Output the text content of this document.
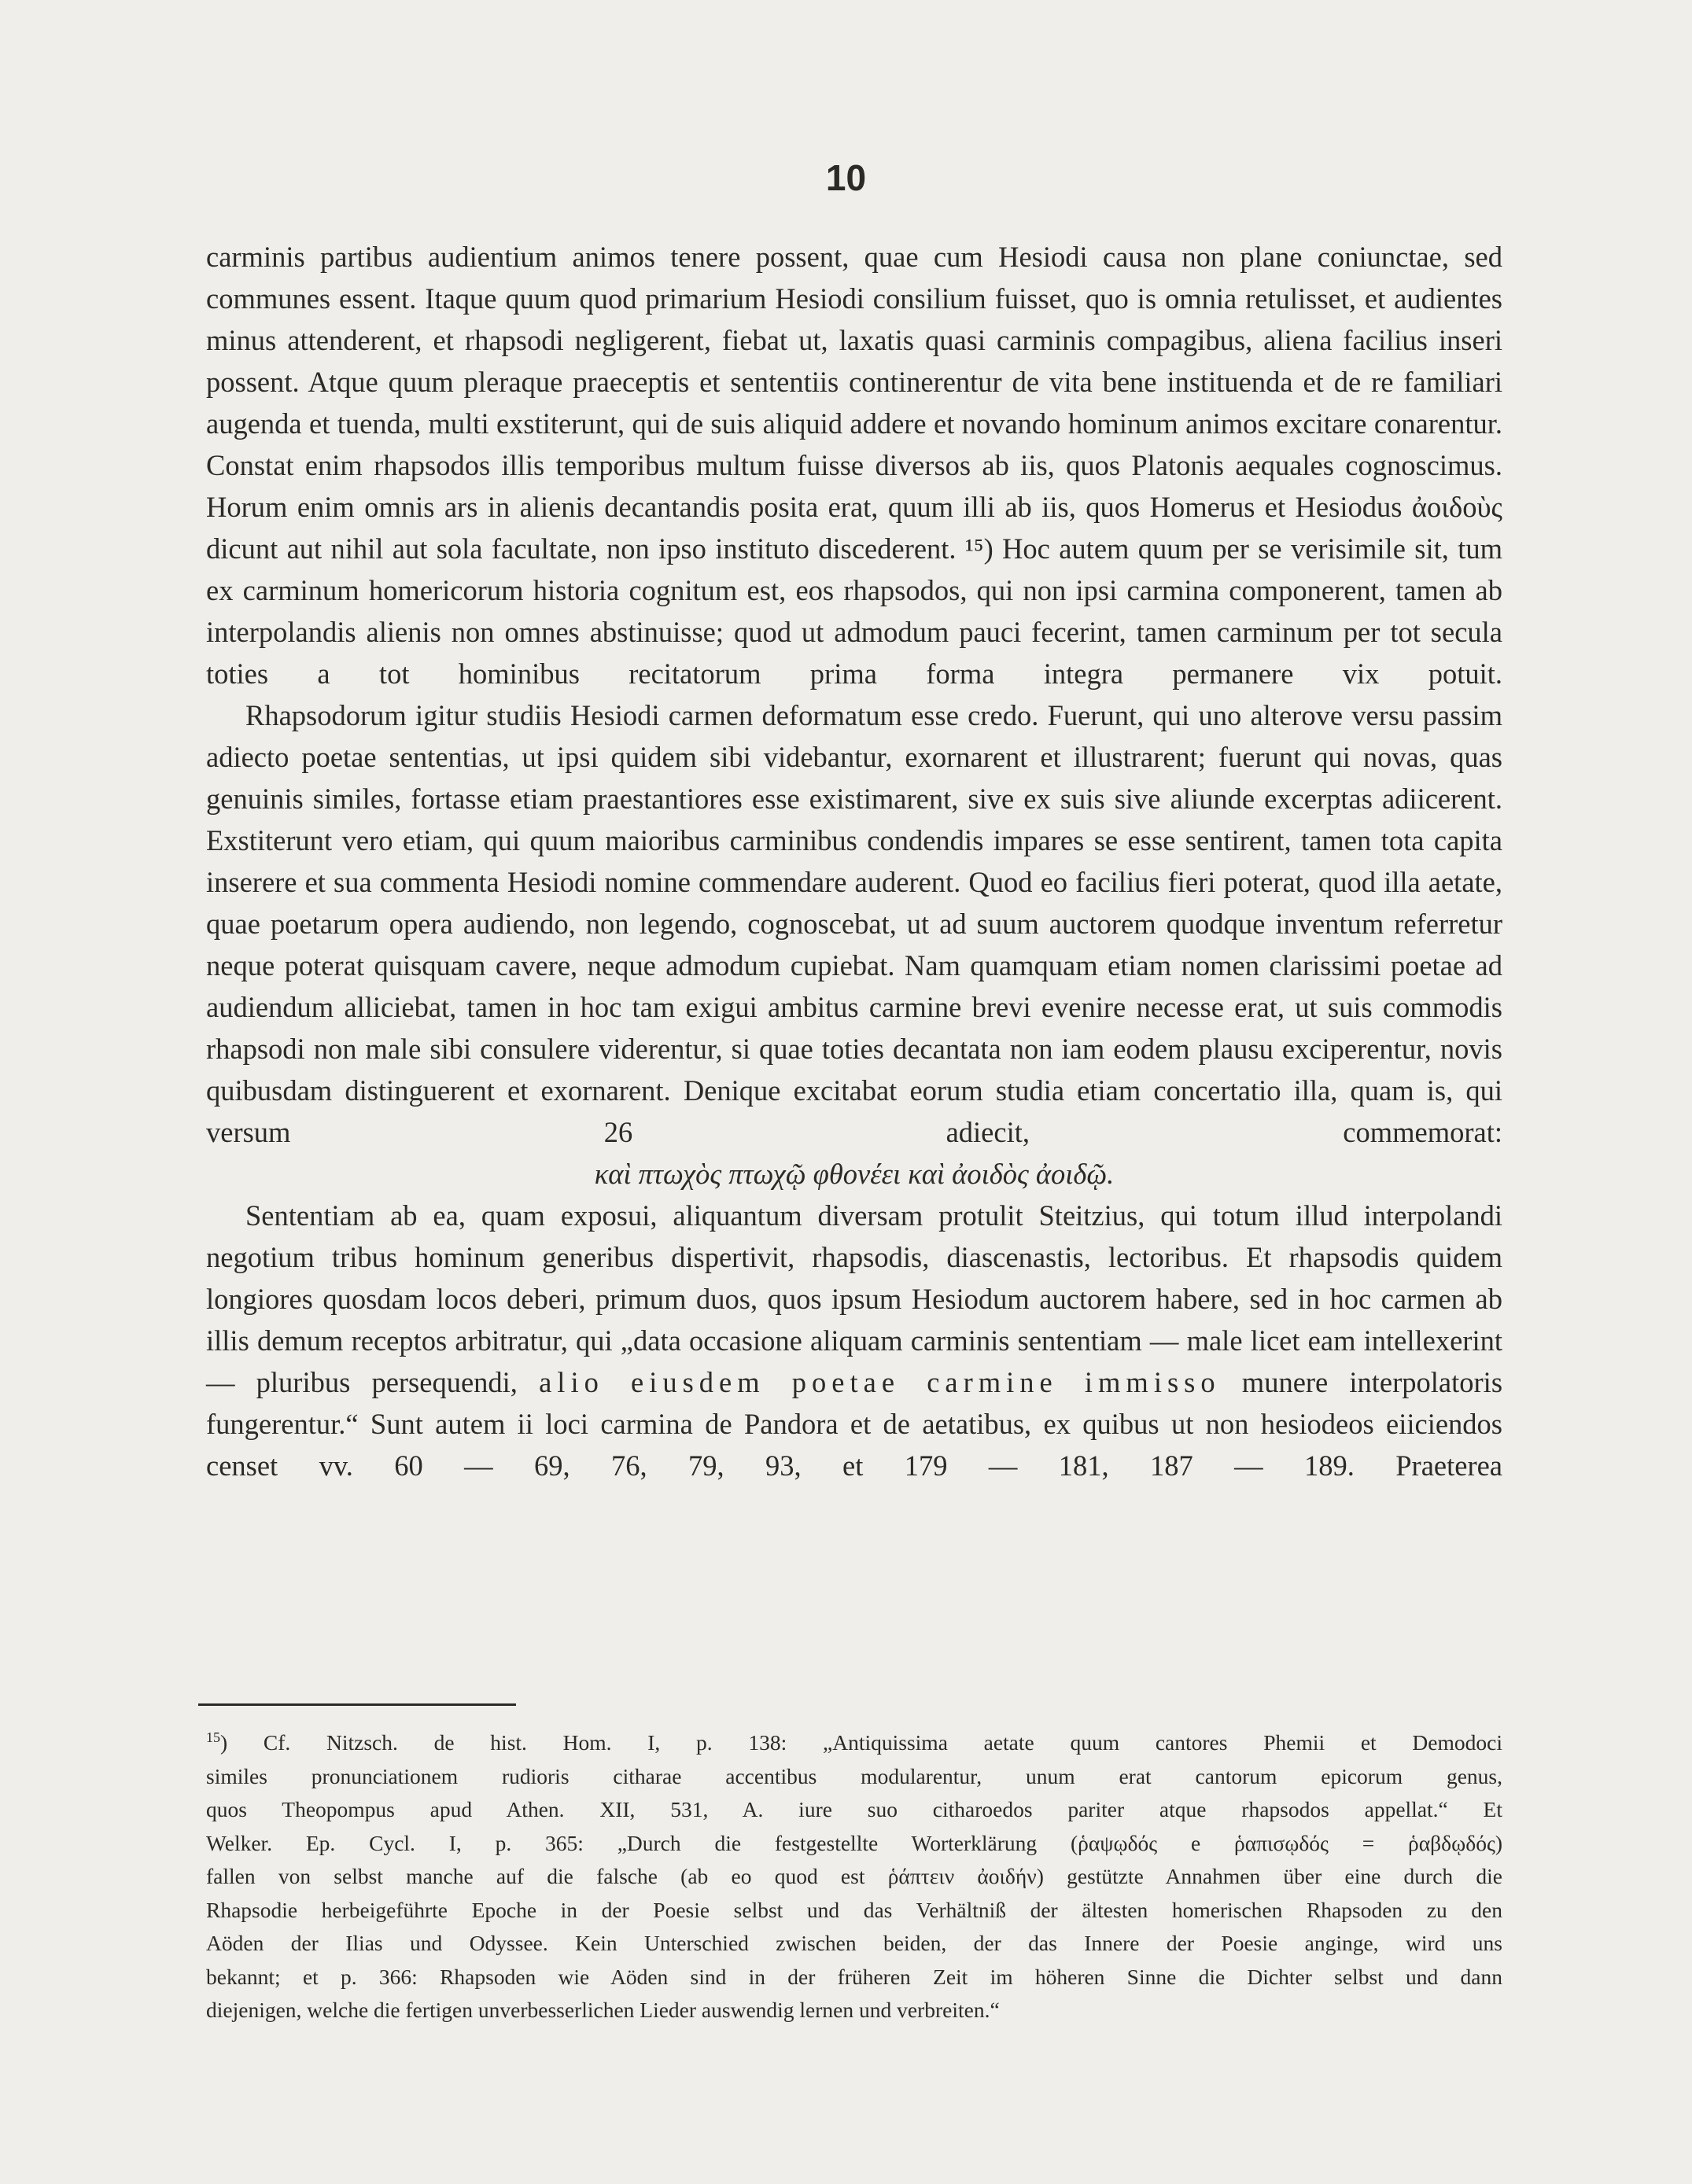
10

carminis partibus audientium animos tenere possent, quae cum Hesiodi causa non plane coniunctae, sed communes essent. Itaque quum quod primarium Hesiodi consilium fuisset, quo is omnia retulisset, et audientes minus attenderent, et rhapsodi negligerent, fiebat ut, laxatis quasi carminis compagibus, aliena facilius inseri possent. Atque quum pleraque praeceptis et sententiis continerentur de vita bene instituenda et de re familiari augenda et tuenda, multi exstiterunt, qui de suis aliquid addere et novando hominum animos excitare conarentur. Constat enim rhapsodos illis temporibus multum fuisse diversos ab iis, quos Platonis aequales cognoscimus. Horum enim omnis ars in alienis decantandis posita erat, quum illi ab iis, quos Homerus et Hesiodus ἀοιδοὺς dicunt aut nihil aut sola facultate, non ipso instituto discederent. ¹⁵) Hoc autem quum per se verisimile sit, tum ex carminum homericorum historia cognitum est, eos rhapsodos, qui non ipsi carmina componerent, tamen ab interpolandis alienis non omnes abstinuisse; quod ut admodum pauci fecerint, tamen carminum per tot secula toties a tot hominibus recitatorum prima forma integra permanere vix potuit.

Rhapsodorum igitur studiis Hesiodi carmen deformatum esse credo. Fuerunt, qui uno alterove versu passim adiecto poetae sententias, ut ipsi quidem sibi videbantur, exornarent et illustrarent; fuerunt qui novas, quas genuinis similes, fortasse etiam praestantiores esse existimarent, sive ex suis sive aliunde excerptas adiicerent. Exstiterunt vero etiam, qui quum maioribus carminibus condendis impares se esse sentirent, tamen tota capita inserere et sua commenta Hesiodi nomine commendare auderent. Quod eo facilius fieri poterat, quod illa aetate, quae poetarum opera audiendo, non legendo, cognoscebat, ut ad suum auctorem quodque inventum referretur neque poterat quisquam cavere, neque admodum cupiebat. Nam quamquam etiam nomen clarissimi poetae ad audiendum alliciebat, tamen in hoc tam exigui ambitus carmine brevi evenire necesse erat, ut suis commodis rhapsodi non male sibi consulere viderentur, si quae toties decantata non iam eodem plausu exciperentur, novis quibusdam distinguerent et exornarent. Denique excitabat eorum studia etiam concertatio illa, quam is, qui versum 26 adiecit, commemorat:

καὶ πτωχὸς πτωχῷ φθονέει καὶ ἀοιδὸς ἀοιδῷ.

Sententiam ab ea, quam exposui, aliquantum diversam protulit Steitzius, qui totum illud interpolandi negotium tribus hominum generibus dispertivit, rhapsodis, diascenastis, lectoribus. Et rhapsodis quidem longiores quosdam locos deberi, primum duos, quos ipsum Hesiodum auctorem habere, sed in hoc carmen ab illis demum receptos arbitratur, qui „data occasione aliquam carminis sententiam — male licet eam intellexerint — pluribus persequendi, alio eiusdem poetae carmine immisso munere interpolatoris fungerentur.“ Sunt autem ii loci carmina de Pandora et de aetatibus, ex quibus ut non hesiodeos eiiciendos censet vv. 60 — 69, 76, 79, 93, et 179 — 181, 187 — 189. Praeterea

$^{15}$) Cf. Nitzsch. de hist. Hom. I, p. 138: „Antiquissima aetate quum cantores Phemii et Demodoci
similes pronunciationem rudioris citharae accentibus modularentur, unum erat cantorum epicorum genus,
quos Theopompus apud Athen. XII, 531, A. iure suo citharoedos pariter atque rhapsodos appellat.“ Et
Welker. Ep. Cycl. I, p. 365: „Durch die festgestellte Worterklärung (ῥαψῳδός e ῥαπισῳδός = ῥαβδῳδός)
fallen von selbst manche auf die falsche (ab eo quod est ῥάπτειν ἀοιδήν) gestützte Annahmen über eine durch die
Rhapsodie herbeigeführte Epoche in der Poesie selbst und das Verhältniß der ältesten homerischen Rhapsoden zu den
Aöden der Ilias und Odyssee. Kein Unterschied zwischen beiden, der das Innere der Poesie anginge, wird uns
bekannt; et p. 366: Rhapsoden wie Aöden sind in der früheren Zeit im höheren Sinne die Dichter selbst und dann
diejenigen, welche die fertigen unverbesserlichen Lieder auswendig lernen und verbreiten.“
